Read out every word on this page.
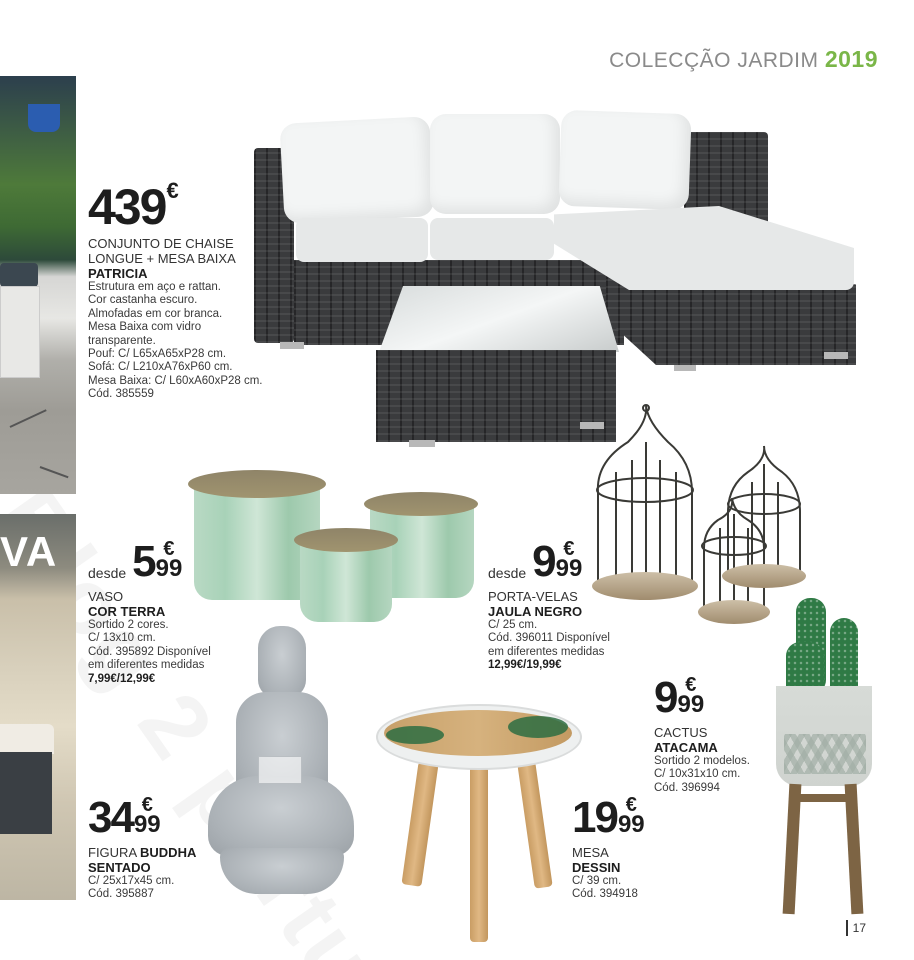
COLECÇÃO JARDIM 2019
VA
439 €
CONJUNTO DE CHAISE
LONGUE + MESA BAIXA
PATRICIA
Estrutura em aço e rattan.
Cor castanha escuro.
Almofadas em cor branca.
Mesa Baixa com vidro
transparente.
Pouf: C/ L65xA65xP28 cm.
Sofá: C/ L210xA76xP60 cm.
Mesa Baixa: C/ L60xA60xP28 cm.
Cód. 385559
desde 5 €
99
VASO
COR TERRA
Sortido 2 cores.
C/ 13x10 cm.
Cód. 395892 Disponível
em diferentes medidas
7,99€/12,99€
desde 9 €
99
PORTA-VELAS
JAULA NEGRO
C/ 25 cm.
Cód. 396011 Disponível
em diferentes medidas
12,99€/19,99€
9 €
99
CACTUS
ATACAMA
Sortido 2 modelos.
C/ 10x31x10 cm.
Cód. 396994
34 €
99
FIGURA BUDDHA
SENTADO
C/ 25x17x45 cm.
Cód. 395887
19 €
99
MESA
DESSIN
C/ 39 cm.
Cód. 394918
17
